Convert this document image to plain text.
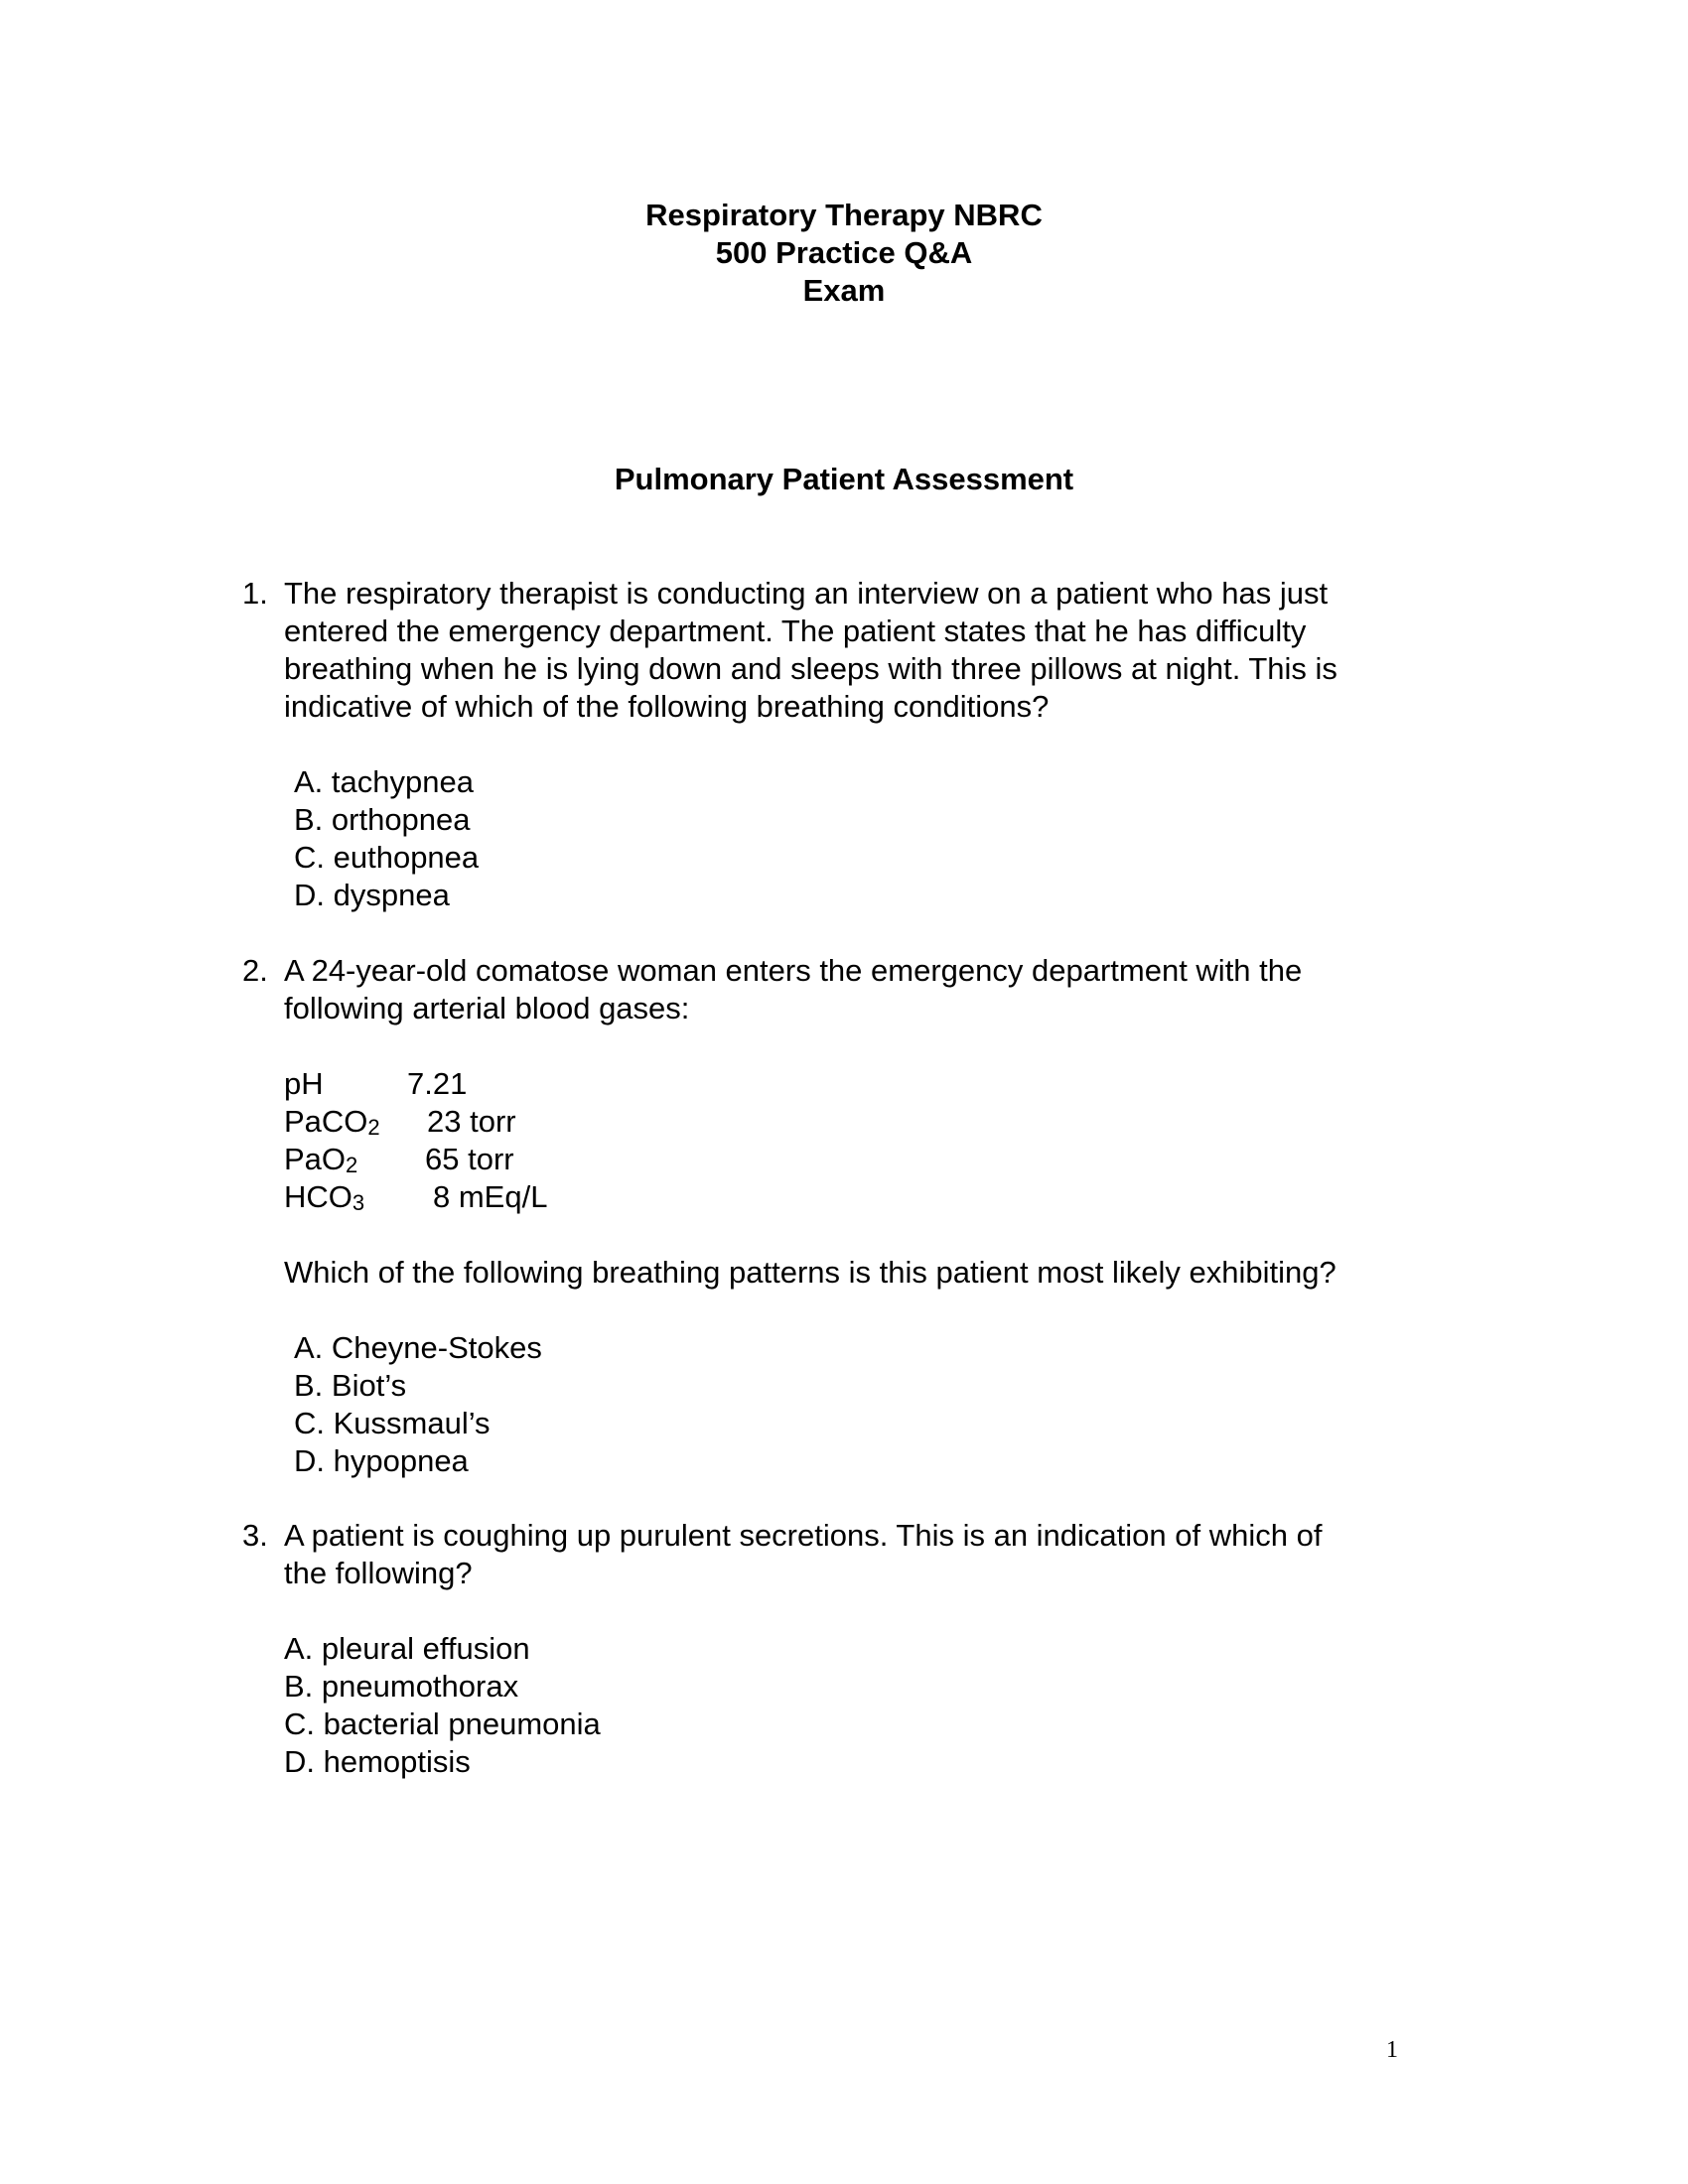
Respiratory Therapy NBRC
500 Practice Q&A
Exam
Pulmonary Patient Assessment
1. The respiratory therapist is conducting an interview on a patient who has just
entered the emergency department. The patient states that he has difficulty
breathing when he is lying down and sleeps with three pillows at night. This is
indicative of which of the following breathing conditions?
A. tachypnea
B. orthopnea
C. euthopnea
D. dyspnea
2. A 24-year-old comatose woman enters the emergency department with the
following arterial blood gases:
pH	7.21
PaCO$_2$ 23 torr
PaO$_2$ 65 torr
$HCO_3$ 8 mEq/L
Which of the following breathing patterns is this patient most likely exhibiting?
A. Cheyne-Stokes
B. Biot’s
C. Kussmaul’s
D. hypopnea
3. A patient is coughing up purulent secretions. This is an indication of which of
the following?
A. pleural effusion
B. pneumothorax
C. bacterial pneumonia
D. hemoptisis
1
